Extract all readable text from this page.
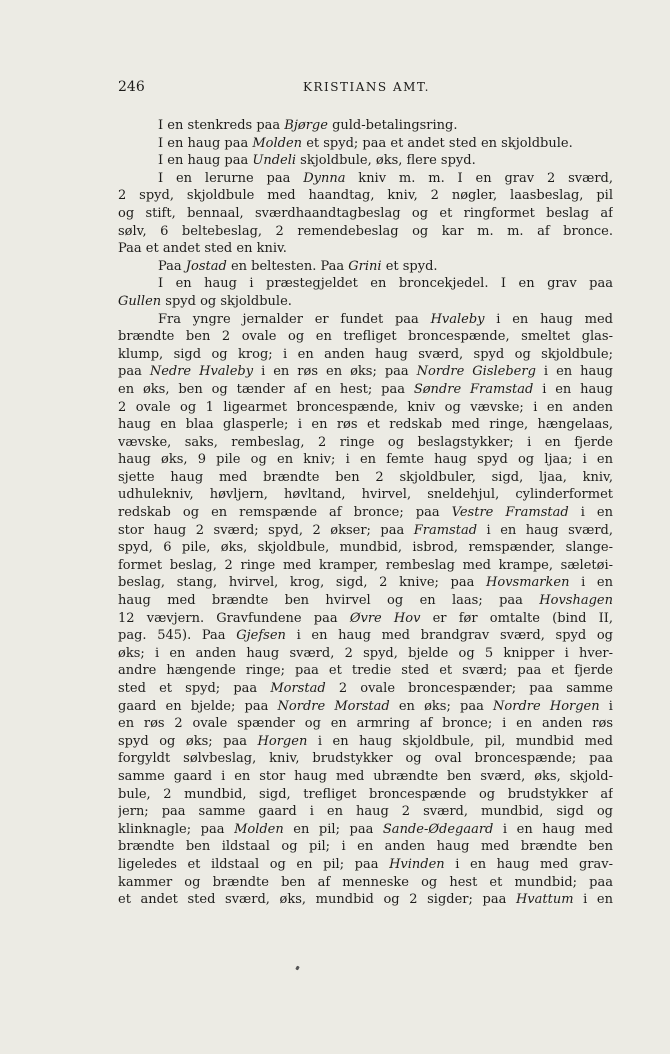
246	KRISTIANS AMT.
I en stenkreds paa Bjørge guld-betalingsring.
I en haug paa Molden et spyd; paa et andet sted en skjoldbule.
I en haug paa Undeli skjoldbule, øks, flere spyd.
I en lerurne paa Dynna kniv m. m. I en grav 2 sværd,
2 spyd, skjoldbule med haandtag, kniv, 2 nøgler, laasbeslag, pil
og stift, bennaal, sværdhaandtagbeslag og et ringformet beslag af
sølv, 6 beltebeslag, 2 remendebeslag og kar m. m. af bronce.
Paa et andet sted en kniv.
Paa Jostad en beltesten. Paa Grini et spyd.
I en haug i præstegjeldet en broncekjedel. I en grav paa
Gullen spyd og skjoldbule.
Fra yngre jernalder er fundet paa Hvaleby i en haug med
brændte ben 2 ovale og en trefliget broncespænde, smeltet glas-
klump, sigd og krog; i en anden haug sværd, spyd og skjoldbule;
paa Nedre Hvaleby i en røs en øks; paa Nordre Gisleberg i en haug
en øks, ben og tænder af en hest; paa Søndre Framstad i en haug
2 ovale og 1 ligearmet broncespænde, kniv og vævske; i en anden
haug en blaa glasperle; i en røs et redskab med ringe, hængelaas,
vævske, saks, rembeslag, 2 ringe og beslagstykker; i en fjerde
haug øks, 9 pile og en kniv; i en femte haug spyd og ljaa; i en
sjette haug med brændte ben 2 skjoldbuler, sigd, ljaa, kniv,
udhulekniv, høvljern, høvltand, hvirvel, sneldehjul, cylinderformet
redskab og en remspænde af bronce; paa Vestre Framstad i en
stor haug 2 sværd; spyd, 2 økser; paa Framstad i en haug sværd,
spyd, 6 pile, øks, skjoldbule, mundbid, isbrod, remspænder, slange-
formet beslag, 2 ringe med kramper, rembeslag med krampe, sæletøi-
beslag, stang, hvirvel, krog, sigd, 2 knive; paa Hovsmarken i en
haug med brændte ben hvirvel og en laas; paa Hovshagen
12 vævjern. Gravfundene paa Øvre Hov er før omtalte (bind II,
pag. 545). Paa Gjefsen i en haug med brandgrav sværd, spyd og
øks; i en anden haug sværd, 2 spyd, bjelde og 5 knipper i hver-
andre hængende ringe; paa et tredie sted et sværd; paa et fjerde
sted et spyd; paa Morstad 2 ovale broncespænder; paa samme
gaard en bjelde; paa Nordre Morstad en øks; paa Nordre Horgen i
en røs 2 ovale spænder og en armring af bronce; i en anden røs
spyd og øks; paa Horgen i en haug skjoldbule, pil, mundbid med
forgyldt sølvbeslag, kniv, brudstykker og oval broncespænde; paa
samme gaard i en stor haug med ubrændte ben sværd, øks, skjold-
bule, 2 mundbid, sigd, trefliget broncespænde og brudstykker af
jern; paa samme gaard i en haug 2 sværd, mundbid, sigd og
klinknagle; paa Molden en pil; paa Sande-Ødegaard i en haug med
brændte ben ildstaal og pil; i en anden haug med brændte ben
ligeledes et ildstaal og en pil; paa Hvinden i en haug med grav-
kammer og brændte ben af menneske og hest et mundbid; paa
et andet sted sværd, øks, mundbid og 2 sigder; paa Hvattum i en
